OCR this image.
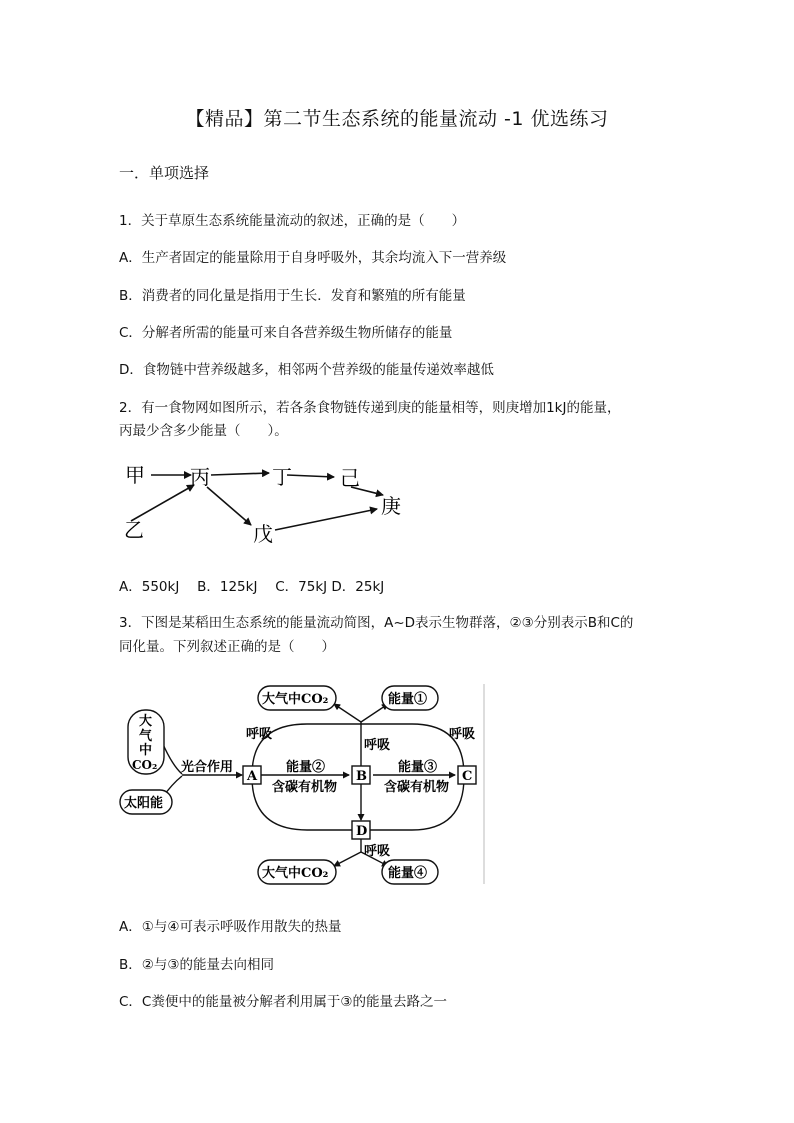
【精品】第二节生态系统的能量流动 -1 优选练习
一．单项选择
1．关于草原生态系统能量流动的叙述，正确的是（　　）
A．生产者固定的能量除用于自身呼吸外，其余均流入下一营养级
B．消费者的同化量是指用于生长．发育和繁殖的所有能量
C．分解者所需的能量可来自各营养级生物所储存的能量
D．食物链中营养级越多，相邻两个营养级的能量传递效率越低
2．有一食物网如图所示，若各条食物链传递到庚的能量相等，则庚增加1kJ的能量，
丙最少含多少能量（　　）。
甲 丙	丁 己
庚
乙	戊
A．550kJ　 B．125kJ　 C．75kJ D．25kJ
3．下图是某稻田生态系统的能量流动简图，A~D表示生物群落，②③分别表示B和C的
同化量。下列叙述正确的是（　　）
大气中CO₂	能量①
大
气
中
CO₂
太阳能
光合作用
A	B	C
D
呼吸
呼吸
呼吸
呼吸
能量②	能量③
含碳有机物	含碳有机物
大气中CO₂	能量④
A．①与④可表示呼吸作用散失的热量
B．②与③的能量去向相同
C．C粪便中的能量被分解者利用属于③的能量去路之一
